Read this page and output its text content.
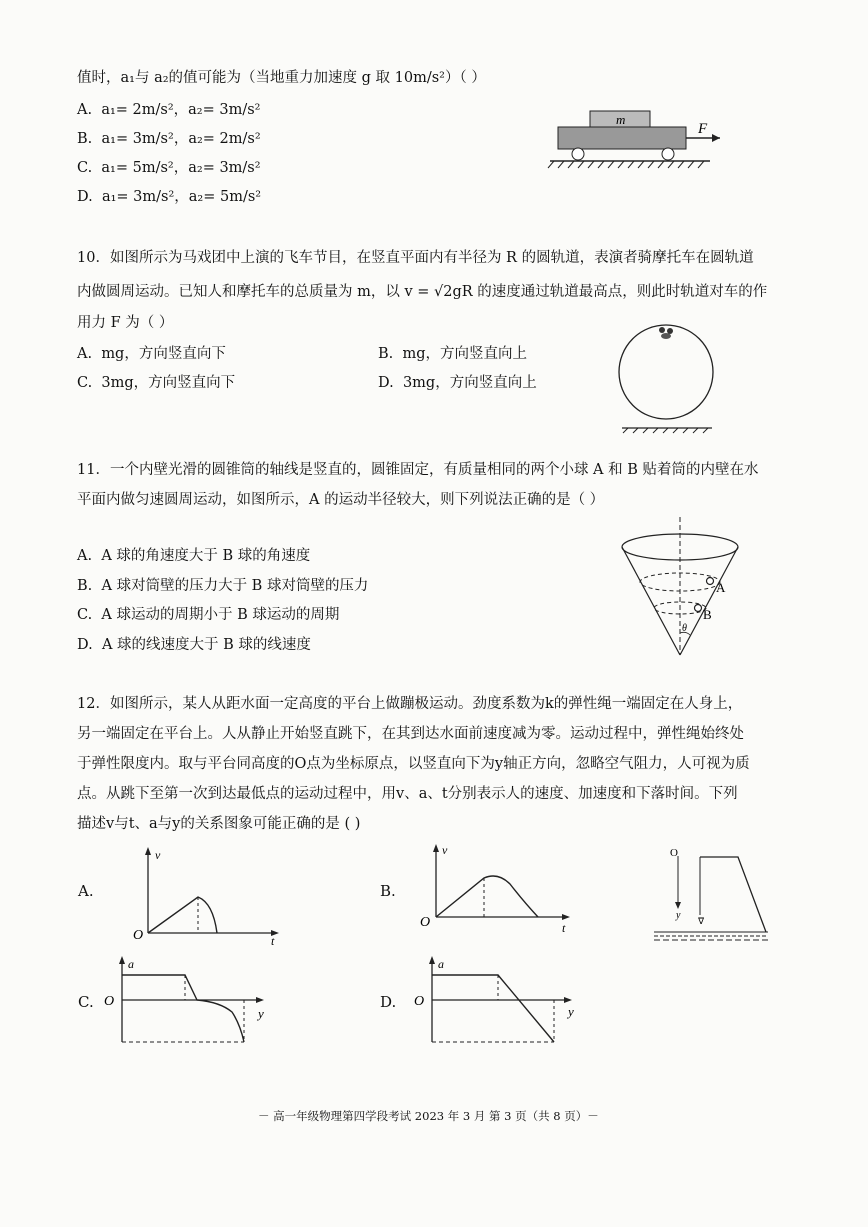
值时，a₁与 a₂的值可能为（当地重力加速度 g 取 10m/s²）（ ）
A. a₁= 2m/s²，a₂= 3m/s²
B. a₁= 3m/s²，a₂= 2m/s²
C. a₁= 5m/s²，a₂= 3m/s²
D. a₁= 3m/s²，a₂= 5m/s²
m
F
10．如图所示为马戏团中上演的飞车节目，在竖直平面内有半径为 R 的圆轨道，表演者骑摩托车在圆轨道
内做圆周运动。已知人和摩托车的总质量为 m，以 v = √2gR 的速度通过轨道最高点，则此时轨道对车的作
用力 F 为（ ）
A. mg，方向竖直向下	B. mg，方向竖直向上
C. 3mg，方向竖直向下	D. 3mg，方向竖直向上
11．一个内壁光滑的圆锥筒的轴线是竖直的，圆锥固定，有质量相同的两个小球 A 和 B 贴着筒的内壁在水
平面内做匀速圆周运动，如图所示，A 的运动半径较大，则下列说法正确的是（ ）
A. A 球的角速度大于 B 球的角速度
B. A 球对筒壁的压力大于 B 球对筒壁的压力
C. A 球运动的周期小于 B 球运动的周期
D. A 球的线速度大于 B 球的线速度
A
B
θ
12．如图所示，某人从距水面一定高度的平台上做蹦极运动。劲度系数为k的弹性绳一端固定在人身上，
另一端固定在平台上。人从静止开始竖直跳下，在其到达水面前速度减为零。运动过程中，弹性绳始终处
于弹性限度内。取与平台同高度的O点为坐标原点，以竖直向下为y轴正方向，忽略空气阻力，人可视为质
点。从跳下至第一次到达最低点的运动过程中，用v、a、t分别表示人的速度、加速度和下落时间。下列
描述v与t、a与y的关系图象可能正确的是 ( )
A.
v
O	t
B.
v
O	t
O
y ᐁ
C.
a
O
y
D.
a
O
y
－ 高一年级物理第四学段考试 2023 年 3 月 第 3 页（共 8 页）－
